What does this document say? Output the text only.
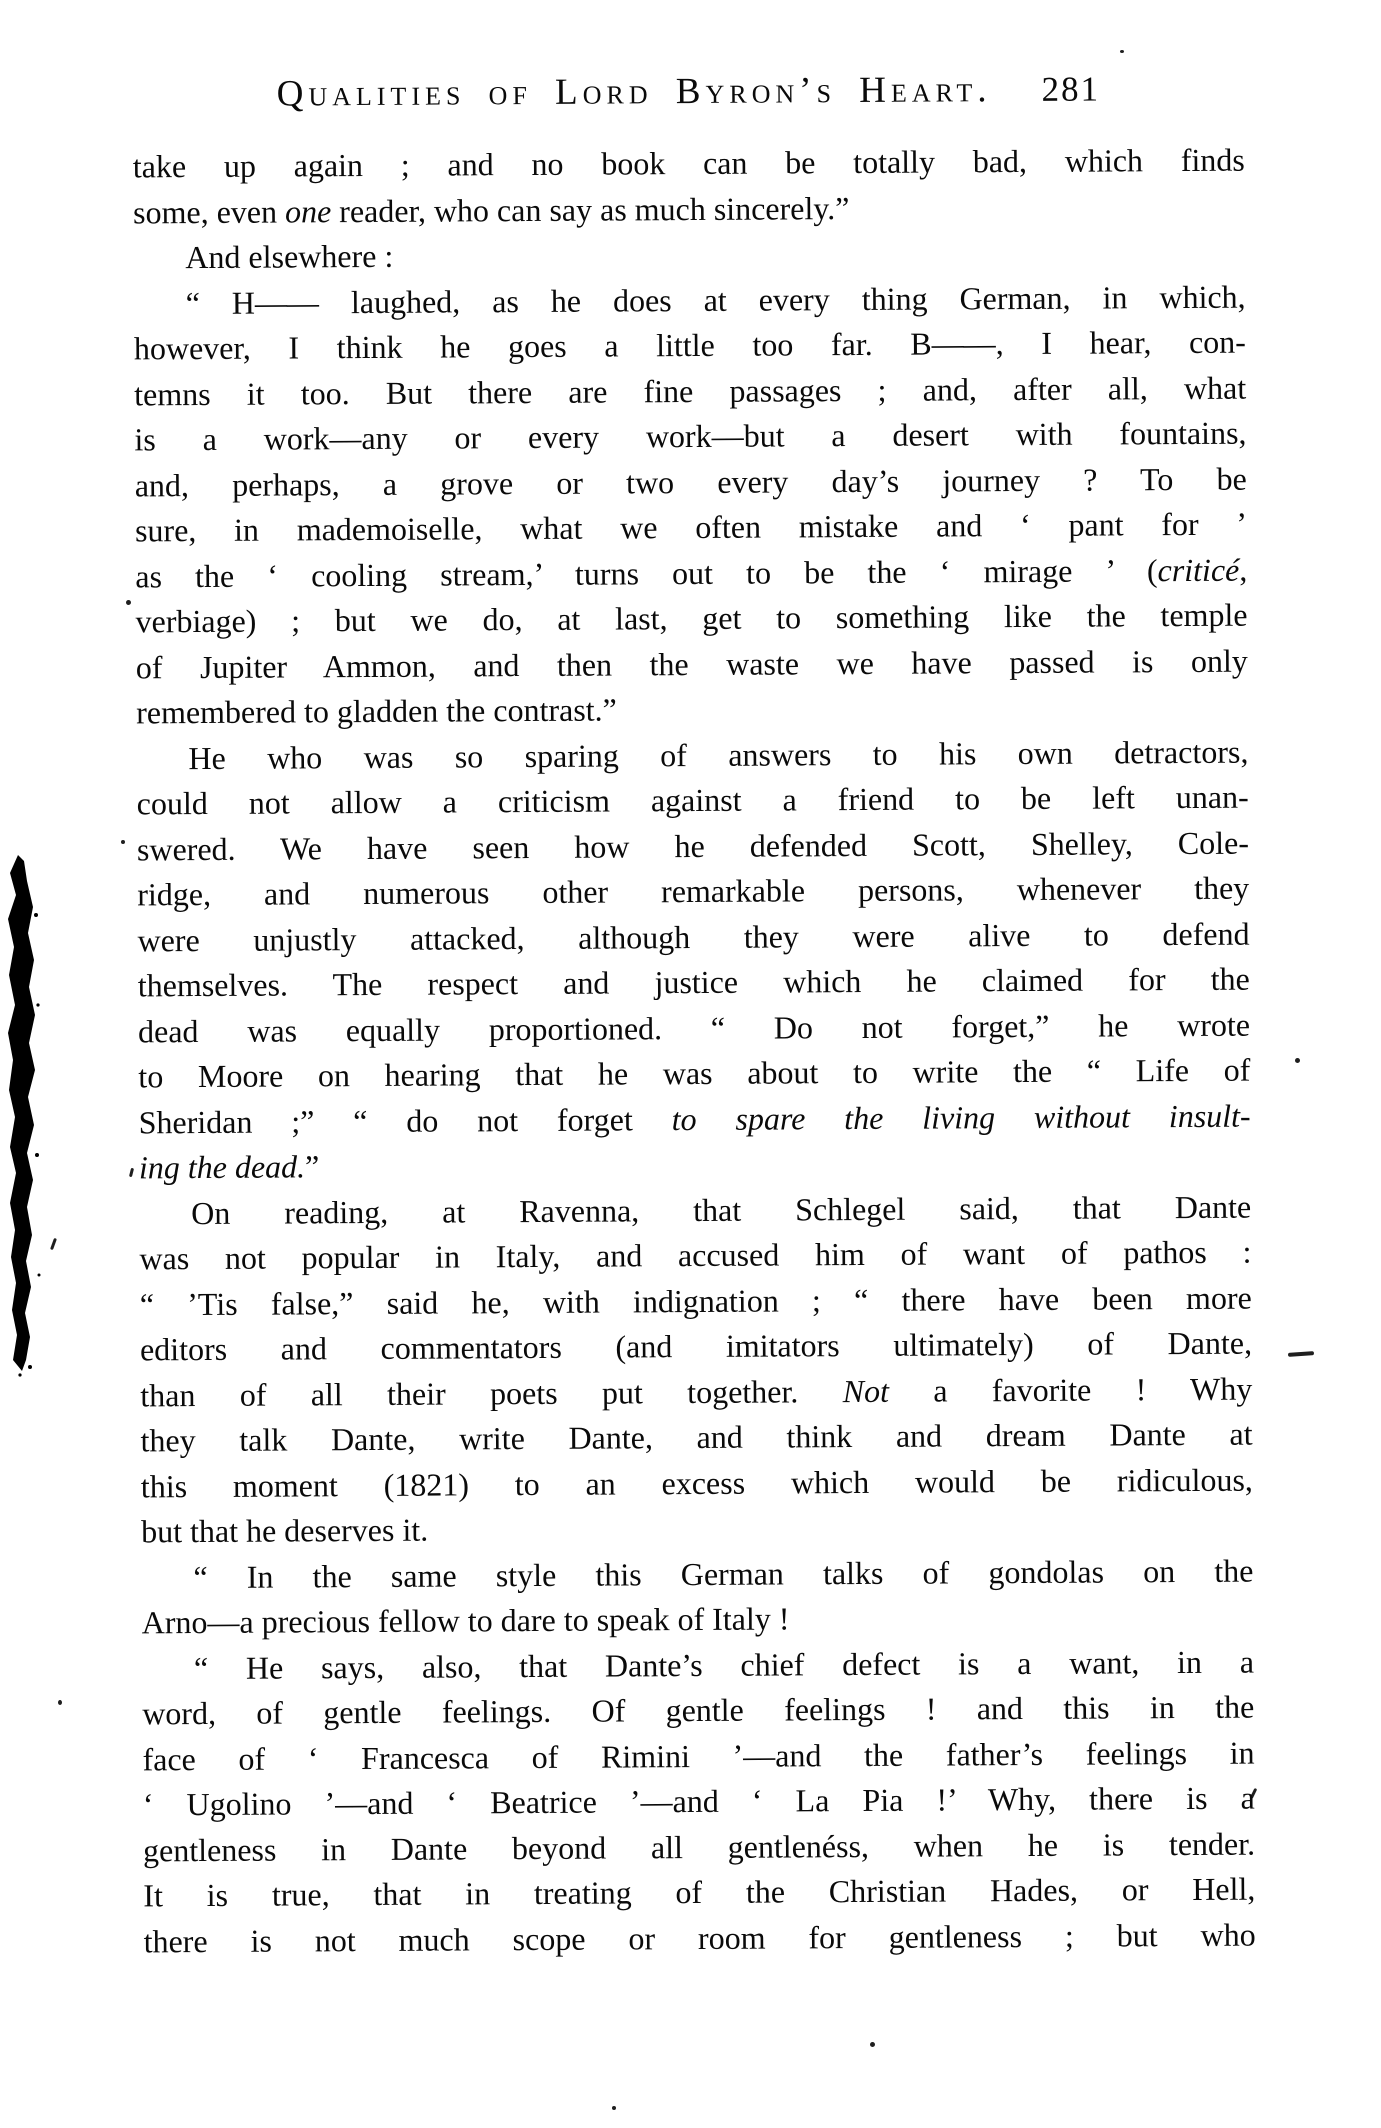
Qualities of Lord Byron’s Heart. 281
take up again ; and no book can be totally bad, which finds
some, even one reader, who can say as much sincerely.”
And elsewhere :
“ H—— laughed, as he does at every thing German, in which,
however, I think he goes a little too far. B——, I hear, con-
temns it too. But there are fine passages ; and, after all, what
is a work—any or every work—but a desert with fountains,
and, perhaps, a grove or two every day’s journey ? To be
sure, in mademoiselle, what we often mistake and ‘ pant for ’
as the ‘ cooling stream,’ turns out to be the ‘ mirage ’ (criticé,
verbiage) ; but we do, at last, get to something like the temple
of Jupiter Ammon, and then the waste we have passed is only
remembered to gladden the contrast.”
He who was so sparing of answers to his own detractors,
could not allow a criticism against a friend to be left unan-
swered. We have seen how he defended Scott, Shelley, Cole-
ridge, and numerous other remarkable persons, whenever they
were unjustly attacked, although they were alive to defend
themselves. The respect and justice which he claimed for the
dead was equally proportioned. “ Do not forget,” he wrote
to Moore on hearing that he was about to write the “ Life of
Sheridan ;” “ do not forget to spare the living without insult-
ing the dead.”
On reading, at Ravenna, that Schlegel said, that Dante
was not popular in Italy, and accused him of want of pathos :
“ ’Tis false,” said he, with indignation ; “ there have been more
editors and commentators (and imitators ultimately) of Dante,
than of all their poets put together. Not a favorite ! Why
they talk Dante, write Dante, and think and dream Dante at
this moment (1821) to an excess which would be ridiculous,
but that he deserves it.
“ In the same style this German talks of gondolas on the
Arno—a precious fellow to dare to speak of Italy !
“ He says, also, that Dante’s chief defect is a want, in a
word, of gentle feelings. Of gentle feelings ! and this in the
face of ‘ Francesca of Rimini ’—and the father’s feelings in
‘ Ugolino ’—and ‘ Beatrice ’—and ‘ La Pia !’ Why, there is a
gentleness in Dante beyond all gentlenéss, when he is tender.
It is true, that in treating of the Christian Hades, or Hell,
there is not much scope or room for gentleness ; but who
